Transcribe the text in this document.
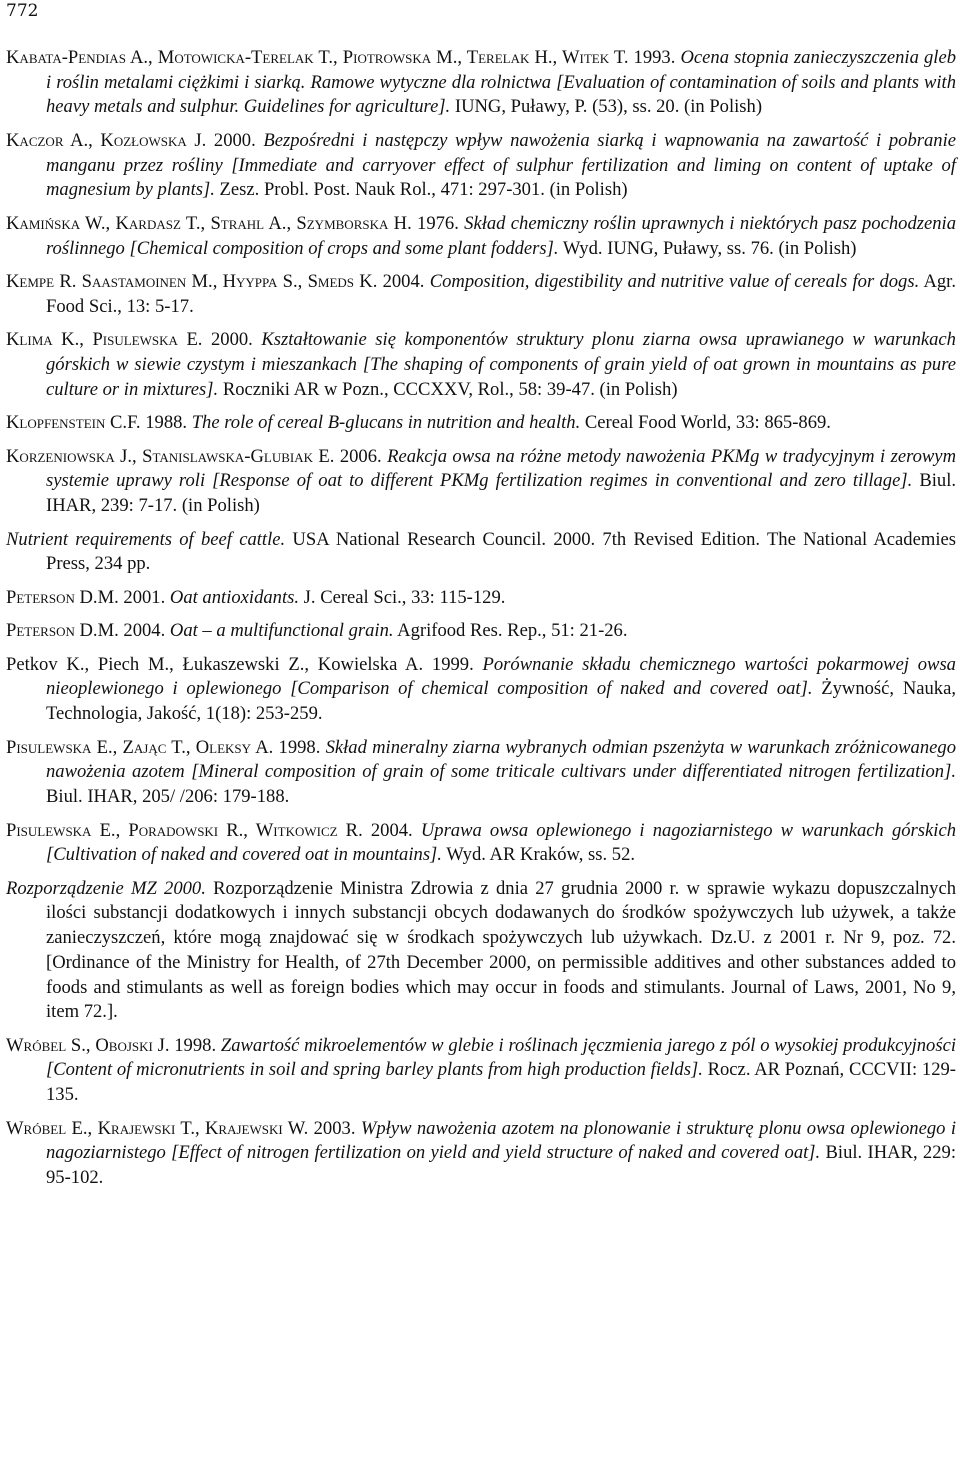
772

Kabata-Pendias A., Motowicka-Terelak T., Piotrowska M., Terelak H., Witek T. 1993. Ocena stopnia zanieczyszczenia gleb i roślin metalami ciężkimi i siarką. Ramowe wytyczne dla rolnictwa [Evaluation of contamination of soils and plants with heavy metals and sulphur. Guidelines for agriculture]. IUNG, Puławy, P. (53), ss. 20. (in Polish)

Kaczor A., Kozłowska J. 2000. Bezpośredni i następczy wpływ nawożenia siarką i wapnowania na zawartość i pobranie manganu przez rośliny [Immediate and carryover effect of sulphur fertilization and liming on content of uptake of magnesium by plants]. Zesz. Probl. Post. Nauk Rol., 471: 297-301. (in Polish)

Kamińska W., Kardasz T., Strahl A., Szymborska H. 1976. Skład chemiczny roślin uprawnych i niektórych pasz pochodzenia roślinnego [Chemical composition of crops and some plant fodders]. Wyd. IUNG, Puławy, ss. 76. (in Polish)

Kempe R. Saastamoinen M., Hyyppa S., Smeds K. 2004. Composition, digestibility and nutritive value of cereals for dogs. Agr. Food Sci., 13: 5-17.

Klima K., Pisulewska E. 2000. Kształtowanie się komponentów struktury plonu ziarna owsa uprawianego w warunkach górskich w siewie czystym i mieszankach [The shaping of components of grain yield of oat grown in mountains as pure culture or in mixtures]. Roczniki AR w Pozn., CCCXXV, Rol., 58: 39-47. (in Polish)

Klopfenstein C.F. 1988. The role of cereal B-glucans in nutrition and health. Cereal Food World, 33: 865-869.

Korzeniowska J., Stanislawska-Glubiak E. 2006. Reakcja owsa na różne metody nawożenia PKMg w tradycyjnym i zerowym systemie uprawy roli [Response of oat to different PKMg fertilization regimes in conventional and zero tillage]. Biul. IHAR, 239: 7-17. (in Polish)

Nutrient requirements of beef cattle. USA National Research Council. 2000. 7th Revised Edition. The National Academies Press, 234 pp.

Peterson D.M. 2001. Oat antioxidants. J. Cereal Sci., 33: 115-129.

Peterson D.M. 2004. Oat – a multifunctional grain. Agrifood Res. Rep., 51: 21-26.

Petkov K., Piech M., Łukaszewski Z., Kowielska A. 1999. Porównanie składu chemicznego wartości pokarmowej owsa nieoplewionego i oplewionego [Comparison of chemical composition of naked and covered oat]. Żywność, Nauka, Technologia, Jakość, 1(18): 253-259.

Pisulewska E., Zając T., Oleksy A. 1998. Skład mineralny ziarna wybranych odmian pszenżyta w warunkach zróżnicowanego nawożenia azotem [Mineral composition of grain of some triticale cultivars under differentiated nitrogen fertilization]. Biul. IHAR, 205/ /206: 179-188.

Pisulewska E., Poradowski R., Witkowicz R. 2004. Uprawa owsa oplewionego i nagoziarnistego w warunkach górskich [Cultivation of naked and covered oat in mountains]. Wyd. AR Kraków, ss. 52.

Rozporządzenie MZ 2000. Rozporządzenie Ministra Zdrowia z dnia 27 grudnia 2000 r. w sprawie wykazu dopuszczalnych ilości substancji dodatkowych i innych substancji obcych dodawanych do środków spożywczych lub używek, a także zanieczyszczeń, które mogą znajdować się w środkach spożywczych lub używkach. Dz.U. z 2001 r. Nr 9, poz. 72. [Ordinance of the Ministry for Health, of 27th December 2000, on permissible additives and other substances added to foods and stimulants as well as foreign bodies which may occur in foods and stimulants. Journal of Laws, 2001, No 9, item 72.].

Wróbel S., Obojski J. 1998. Zawartość mikroelementów w glebie i roślinach jęczmienia jarego z pól o wysokiej produkcyjności [Content of micronutrients in soil and spring barley plants from high production fields]. Rocz. AR Poznań, CCCVII: 129-135.

Wróbel E., Krajewski T., Krajewski W. 2003. Wpływ nawożenia azotem na plonowanie i strukturę plonu owsa oplewionego i nagoziarnistego [Effect of nitrogen fertilization on yield and yield structure of naked and covered oat]. Biul. IHAR, 229: 95-102.
